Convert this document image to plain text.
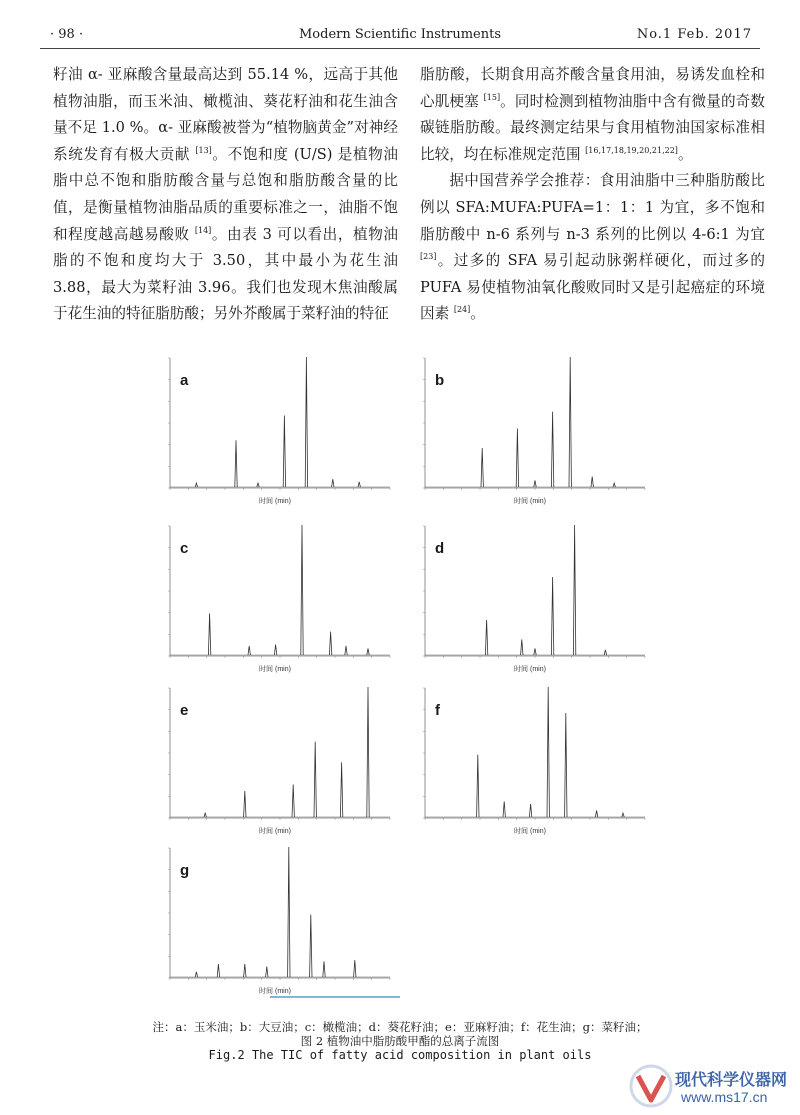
· 98 ·	Modern Scientific Instruments	No.1 Feb. 2017

籽油 α- 亚麻酸含量最高达到 55.14 %，远高于其他植物油脂，而玉米油、橄榄油、葵花籽油和花生油含量不足 1.0 %。α- 亚麻酸被誉为“植物脑黄金”对神经系统发育有极大贡献 [13]。不饱和度 (U/S) 是植物油脂中总不饱和脂肪酸含量与总饱和脂肪酸含量的比值，是衡量植物油脂品质的重要标准之一，油脂不饱和程度越高越易酸败 [14]。由表 3 可以看出，植物油脂的不饱和度均大于 3.50，其中最小为花生油 3.88，最大为菜籽油 3.96。我们也发现木焦油酸属于花生油的特征脂肪酸；另外芥酸属于菜籽油的特征

脂肪酸，长期食用高芥酸含量食用油，易诱发血栓和心肌梗塞 [15]。同时检测到植物油脂中含有微量的奇数碳链脂肪酸。最终测定结果与食用植物油国家标准相比较，均在标准规定范围 [16,17,18,19,20,21,22]。

据中国营养学会推荐：食用油脂中三种脂肪酸比例以 SFA:MUFA:PUFA=1：1：1 为宜，多不饱和脂肪酸中 n-6 系列与 n-3 系列的比例以 4-6:1 为宜 [23]。过多的 SFA 易引起动脉粥样硬化，而过多的 PUFA 易使植物油氧化酸败同时又是引起癌症的环境因素 [24]。

a
时间 (min)
b
时间 (min)
c
时间 (min)
d
时间 (min)
e
时间 (min)
f
时间 (min)
g
时间 (min)
注：a：玉米油；b：大豆油；c：橄榄油；d：葵花籽油；e：亚麻籽油；f：花生油；g：菜籽油；
图 2 植物油中脂肪酸甲酯的总离子流图
Fig.2 The TIC of fatty acid composition in plant oils
现代科学仪器网
www.ms17.cn
